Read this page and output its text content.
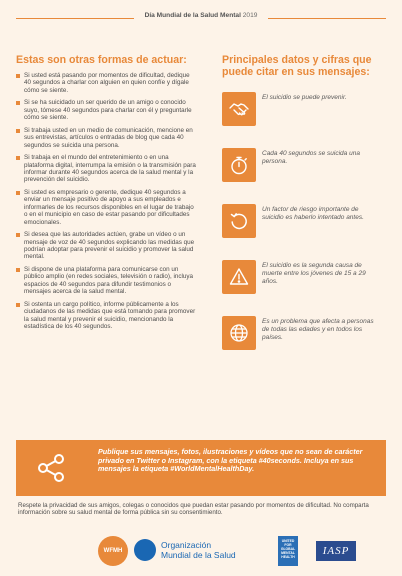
Día Mundial de la Salud Mental 2019
Estas son otras formas de actuar:
Si usted está pasando por momentos de dificultad, dedique 40 segundos a charlar con alguien en quien confíe y dígale cómo se siente.
Si se ha suicidado un ser querido de un amigo o conocido suyo, tómese 40 segundos para charlar con él y preguntarle cómo se siente.
Si trabaja usted en un medio de comunicación, mencione en sus entrevistas, artículos o entradas de blog que cada 40 segundos se suicida una persona.
Si trabaja en el mundo del entretenimiento o en una plataforma digital, interrumpa la emisión o la transmisión para informar durante 40 segundos acerca de la salud mental y la prevención del suicidio.
Si usted es empresario o gerente, dedique 40 segundos a enviar un mensaje positivo de apoyo a sus empleados e informarles de los recursos disponibles en el lugar de trabajo o en el municipio en caso de estar pasando por dificultades emocionales.
Si desea que las autoridades actúen, grabe un vídeo o un mensaje de voz de 40 segundos explicando las medidas que podrían adoptar para prevenir el suicidio y promover la salud mental.
Si dispone de una plataforma para comunicarse con un público amplio (en redes sociales, televisión o radio), incluya espacios de 40 segundos para difundir testimonios o mensajes acerca de la salud mental.
Si ostenta un cargo político, informe públicamente a los ciudadanos de las medidas que está tomando para promover la salud mental y prevenir el suicidio, mencionando la estadística de los 40 segundos.
Principales datos y cifras que puede citar en sus mensajes:
El suicidio se puede prevenir.
Cada 40 segundos se suicida una persona.
Un factor de riesgo importante de suicidio es haberlo intentado antes.
El suicidio es la segunda causa de muerte entre los jóvenes de 15 a 29 años.
Es un problema que afecta a personas de todas las edades y en todos los países.
Publique sus mensajes, fotos, ilustraciones y vídeos que no sean de carácter privado en Twitter o Instagram, con la etiqueta #40seconds. Incluya en sus mensajes la etiqueta #WorldMentalHealthDay.
Respete la privacidad de sus amigos, colegas o conocidos que puedan estar pasando por momentos de dificultad. No comparta información sobre su salud mental de forma pública sin su consentimiento.
WFMH
Organización
Mundial de la Salud
UNITED FOR GLOBAL MENTAL HEALTH	IASP
